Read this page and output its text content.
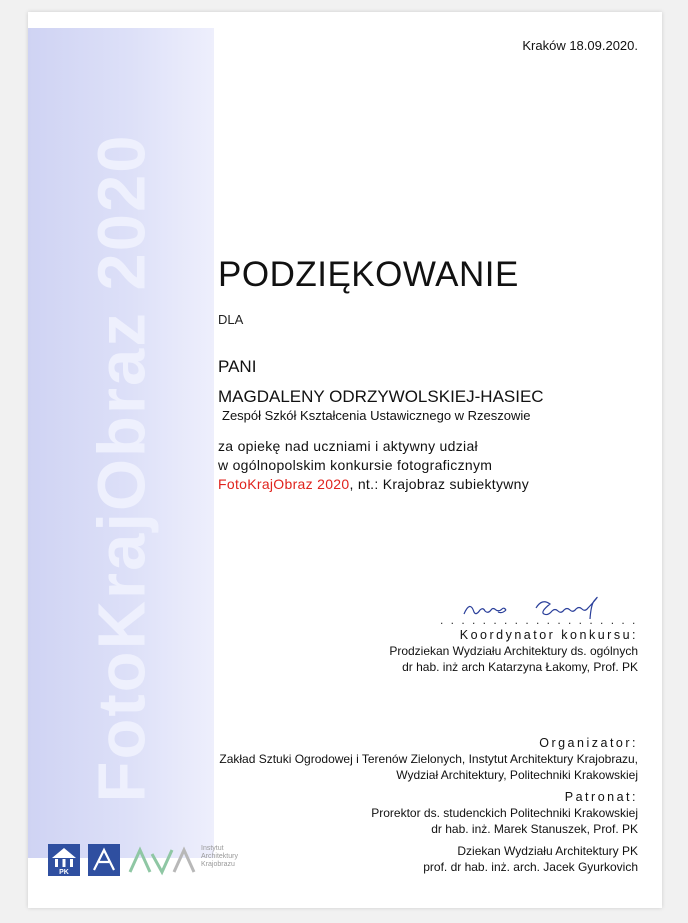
FotoKrajObraz 2020
Kraków 18.09.2020.
PODZIĘKOWANIE
DLA
PANI
MAGDALENY ODRZYWOLSKIEJ-HASIEC
Zespół Szkół Kształcenia Ustawicznego w Rzeszowie
za opiekę nad uczniami i aktywny udział
w ogólnopolskim konkursie fotograficznym
FotoKrajObraz 2020, nt.: Krajobraz subiektywny
. . . . . . . . . . . . . . . . . . .
Koordynator konkursu:
Prodziekan Wydziału Architektury ds. ogólnych
dr hab. inż arch Katarzyna Łakomy, Prof. PK
Organizator:
Zakład Sztuki Ogrodowej i Terenów Zielonych, Instytut Architektury Krajobrazu,
Wydział Architektury, Politechniki Krakowskiej
Patronat:
Prorektor ds. studenckich Politechniki Krakowskiej
dr hab. inż. Marek Stanuszek, Prof. PK
Dziekan Wydziału Architektury PK
prof. dr hab. inż. arch. Jacek Gyurkovich
PK
Instytut
Architektury
Krajobrazu
